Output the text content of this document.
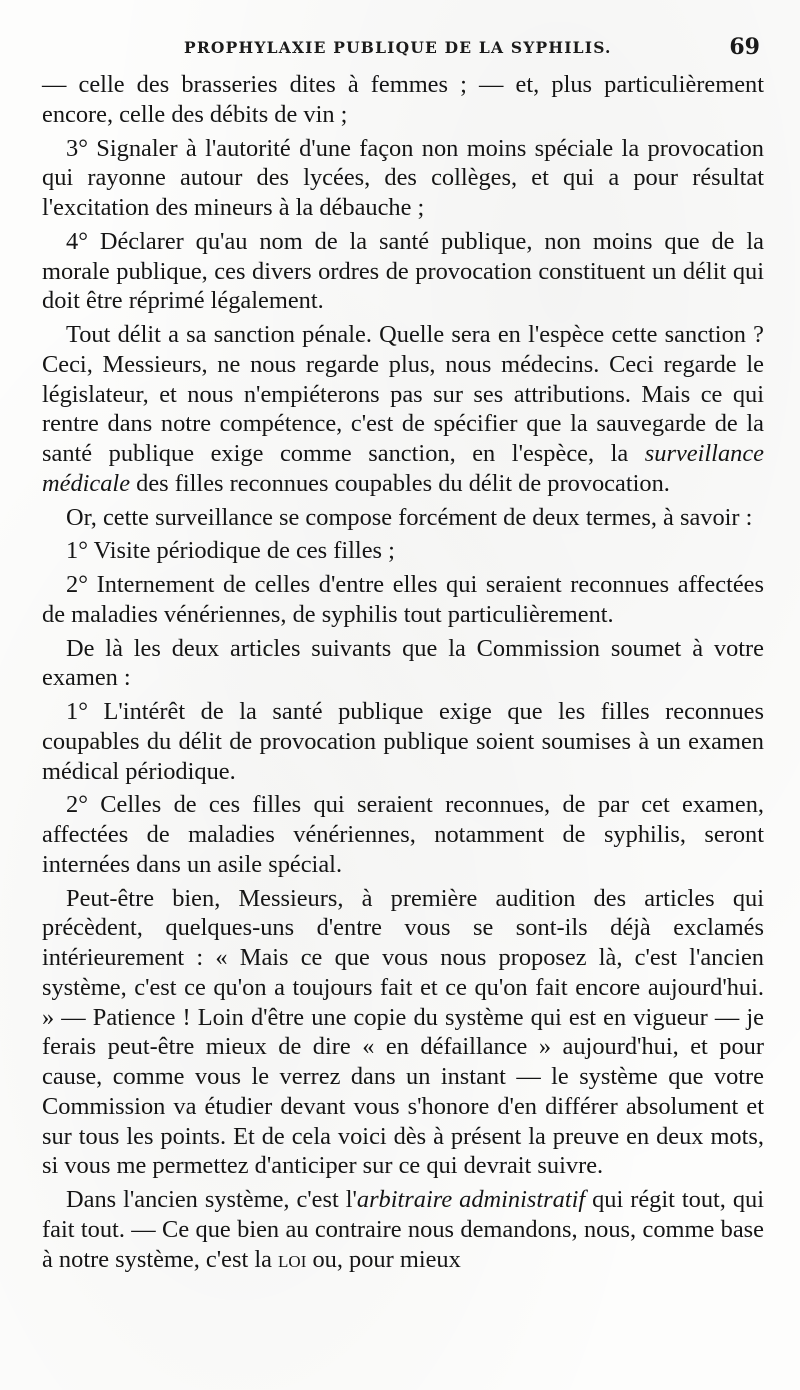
PROPHYLAXIE PUBLIQUE DE LA SYPHILIS.	69

— celle des brasseries dites à femmes ; — et, plus particulièrement encore, celle des débits de vin ;

3° Signaler à l'autorité d'une façon non moins spéciale la provocation qui rayonne autour des lycées, des collèges, et qui a pour résultat l'excitation des mineurs à la débauche ;

4° Déclarer qu'au nom de la santé publique, non moins que de la morale publique, ces divers ordres de provocation constituent un délit qui doit être réprimé légalement.

Tout délit a sa sanction pénale. Quelle sera en l'espèce cette sanction ? Ceci, Messieurs, ne nous regarde plus, nous médecins. Ceci regarde le législateur, et nous n'empiéterons pas sur ses attributions. Mais ce qui rentre dans notre compétence, c'est de spécifier que la sauvegarde de la santé publique exige comme sanction, en l'espèce, la surveillance médicale des filles reconnues coupables du délit de provocation.

Or, cette surveillance se compose forcément de deux termes, à savoir :

1° Visite périodique de ces filles ;

2° Internement de celles d'entre elles qui seraient reconnues affectées de maladies vénériennes, de syphilis tout particulièrement.

De là les deux articles suivants que la Commission soumet à votre examen :

1° L'intérêt de la santé publique exige que les filles reconnues coupables du délit de provocation publique soient soumises à un examen médical périodique.

2° Celles de ces filles qui seraient reconnues, de par cet examen, affectées de maladies vénériennes, notamment de syphilis, seront internées dans un asile spécial.

Peut-être bien, Messieurs, à première audition des articles qui précèdent, quelques-uns d'entre vous se sont-ils déjà exclamés intérieurement : « Mais ce que vous nous proposez là, c'est l'ancien système, c'est ce qu'on a toujours fait et ce qu'on fait encore aujourd'hui. » — Patience ! Loin d'être une copie du système qui est en vigueur — je ferais peut-être mieux de dire « en défaillance » aujourd'hui, et pour cause, comme vous le verrez dans un instant — le système que votre Commission va étudier devant vous s'honore d'en différer absolument et sur tous les points. Et de cela voici dès à présent la preuve en deux mots, si vous me permettez d'anticiper sur ce qui devrait suivre.

Dans l'ancien système, c'est l'arbitraire administratif qui régit tout, qui fait tout. — Ce que bien au contraire nous demandons, nous, comme base à notre système, c'est la loi ou, pour mieux
